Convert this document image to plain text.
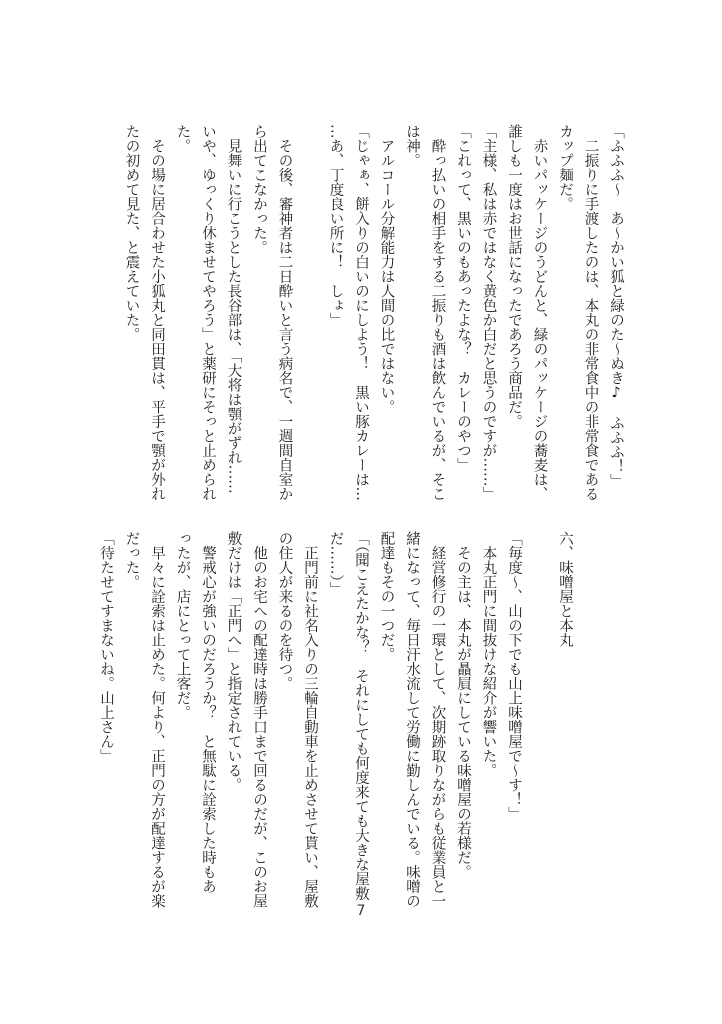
「ふふふ〜　あ〜かい狐と緑のた〜ぬき♪　ふふふ！」
　二振りに手渡したのは、本丸の非常食中の非常食である
カップ麺だ。
　赤いパッケージのうどんと、緑のパッケージの蕎麦は、
誰しも一度はお世話になったであろう商品だ。
「主様、私は赤ではなく黄色か白だと思うのですが……」
「これって、黒いのもあったよな？　カレーのやつ」
　酔っ払いの相手をする二振りも酒は飲んでいるが、そこ
は神。
　アルコール分解能力は人間の比ではない。
「じゃぁ、餅入りの白いのにしよう！　黒い豚カレーは…
…あ、丁度良い所に！　しょ」
　その後、審神者は二日酔いと言う病名で、一週間自室か
ら出てこなかった。
　見舞いに行こうとした長谷部は、「大将は顎がずれ……
いや、ゆっくり休ませてやろう」と薬研にそっと止められ
た。
　その場に居合わせた小狐丸と同田貫は、平手で顎が外れ
たの初めて見た、と震えていた。
六、味噌屋と本丸
「毎度〜、山の下でも山上味噌屋で〜す！」
　本丸正門に間抜けな紹介が響いた。
　その主は、本丸が贔屓にしている味噌屋の若様だ。
　経営修行の一環として、次期跡取りながらも従業員と一
緒になって、毎日汗水流して労働に勤しんでいる。味噌の
配達もその一つだ。
「（聞こえたかな？　それにしても何度来ても大きな屋敷
だ……）」
　正門前に社名入りの三輪自動車を止めさせて貰い、屋敷
の住人が来るのを待つ。
　他のお宅への配達時は勝手口まで回るのだが、このお屋
敷だけは「正門へ」と指定されている。
　警戒心が強いのだろうか？　と無駄に詮索した時もあ
ったが、店にとって上客だ。
　早々に詮索は止めた。何より、正門の方が配達するが楽
だった。
「待たせてすまないね。山上さん」
7
